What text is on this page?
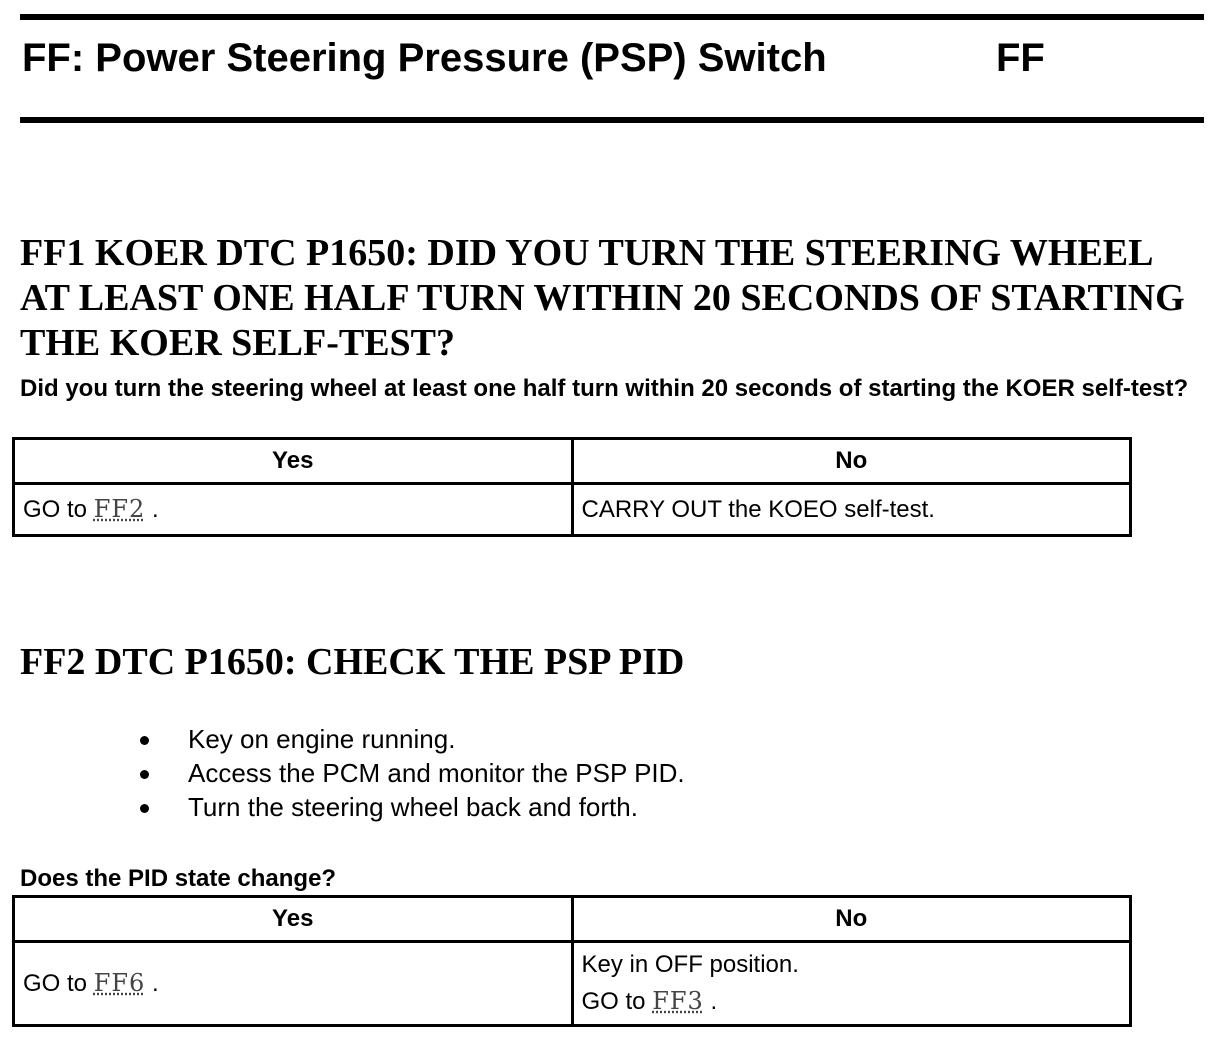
FF: Power Steering Pressure (PSP) Switch	FF
FF1 KOER DTC P1650: DID YOU TURN THE STEERING WHEEL AT LEAST ONE HALF TURN WITHIN 20 SECONDS OF STARTING THE KOER SELF-TEST?
Did you turn the steering wheel at least one half turn within 20 seconds of starting the KOER self-test?
Yes	No
GO to FF2 .	CARRY OUT the KOEO self-test.
FF2 DTC P1650: CHECK THE PSP PID
Key on engine running.
Access the PCM and monitor the PSP PID.
Turn the steering wheel back and forth.
Does the PID state change?
Yes	No
GO to FF6 .	Key in OFF position.
GO to FF3 .
